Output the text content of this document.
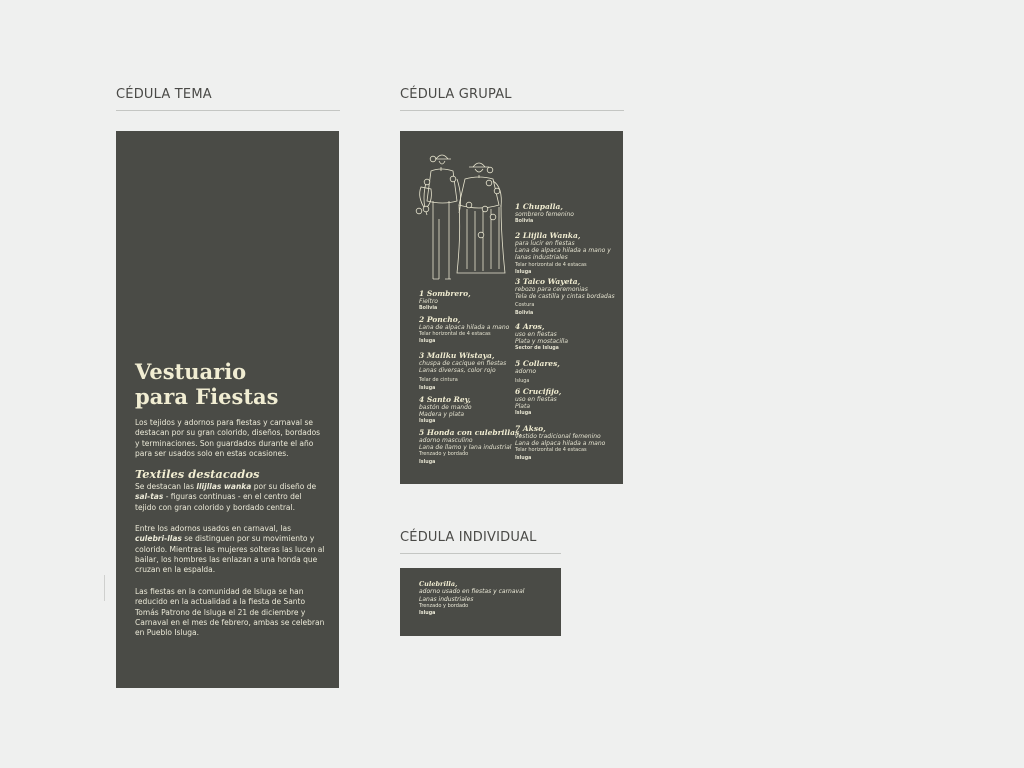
CÉDULA TEMA	CÉDULA GRUPAL
CÉDULA INDIVIDUAL
Vestuario
para Fiestas
Los tejidos y adornos para fiestas y carnaval se destacan por su gran colorido, diseños, bordados y terminaciones. Son guardados durante el año para ser usados solo en estas ocasiones.
Textiles destacados
Se destacan las llijllas wanka por su diseño de sal-tas - figuras continuas - en el centro del tejido con gran colorido y bordado central.
Entre los adornos usados en carnaval, las culebri-llas se distinguen por su movimiento y colorido. Mientras las mujeres solteras las lucen al bailar, los hombres las enlazan a una honda que cruzan en la espalda.
Las fiestas en la comunidad de Isluga se han reducido en la actualidad a la fiesta de Santo Tomás Patrono de Isluga el 21 de diciembre y Carnaval en el mes de febrero, ambas se celebran en Pueblo Isluga.
1 Sombrero,
Fieltro
Bolivia
2 Poncho,
Lana de alpaca hilada a mano
Telar horizontal de 4 estacas
Isluga
3 Mallku Wistaya,
chuspa de cacique en fiestas
Lanas diversas, color rojo
Telar de cintura
Isluga
4 Santo Rey,
bastón de mando
Madera y plata
Isluga
5 Honda con culebrillas,
adorno masculino
Lana de llamo y lana industrial
Trenzado y bordado
Isluga
1 Chupalla,
sombrero femenino
Bolivia
2 Llijlla Wanka,
para lucir en fiestas
Lana de alpaca hilada a mano y lanas industriales
Telar horizontal de 4 estacas
Isluga
3 Talco Wayeta,
rebozo para ceremonias
Tela de castilla y cintas bordadas
Costura
Bolivia
4 Aros,
uso en fiestas
Plata y mostacilla
Sector de Isluga
5 Collares,
adorno
Isluga
6 Crucifijo,
uso en fiestas
Plata
Isluga
7 Akso,
vestido tradicional femenino
Lana de alpaca hilada a mano
Telar horizontal de 4 estacas
Isluga
Culebrilla,
adorno usado en fiestas y carnaval
Lanas industriales
Trenzado y bordado
Isluga
